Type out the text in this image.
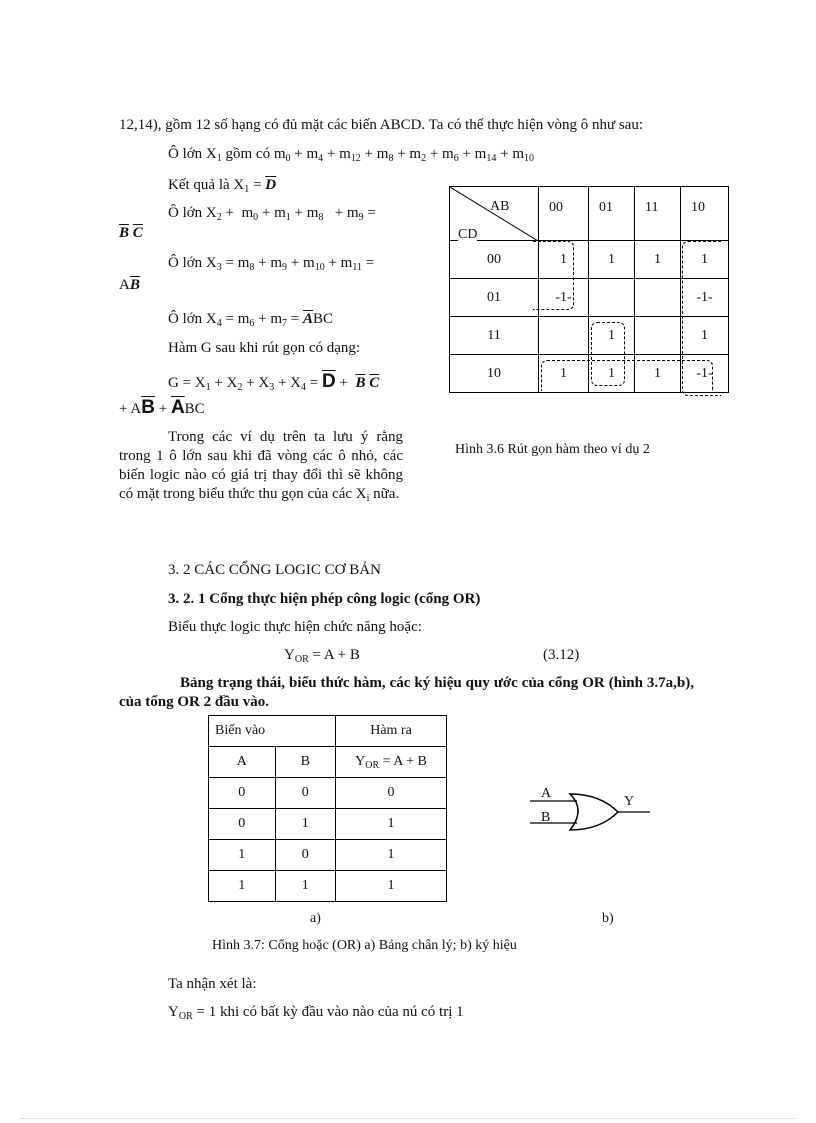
12,14), gồm 12 số hạng có đủ mặt các biến ABCD. Ta có thể thực hiện vòng ô như sau:
Ô lớn $X_1$ gồm có $m_0 + m_4 + m_{12} + m_8 + m_2 + m_6 + m_{14} + m_{10}$
Kết quả là $X_1 = \overline{D}$
Ô lớn $X_2 + m_0 + m_1 + m_8 + m_9$ =
$\overline{B}$ $\overline{C}$
Ô lớn $X_3 = m_8 + m_9 + m_{10} + m_{11}$ =
$A\overline{B}$
Ô lớn $X_4 = m_6 + m_7 = \overline{A}BC$
Hàm G sau khi rút gọn có dạng:
$G = X_1 + X_2 + X_3 + X_4 = \overline{D} + \overline{B}$ $\overline{C}$
+ $A\overline{B} + \overline{A}BC$
Trong các ví dụ trên ta lưu ý rằng trong 1 ô lớn sau khi đã vòng các ô nhỏ, các biến logic nào có giá trị thay đổi thì sẽ không có mặt trong biểu thức thu gọn của các $X_i$ nữa.
AB
CD	00	01	11	10
00	1	1	1	1
01	-1-			-1-
11		1		1
10	1	1	1	-1-
Hình 3.6 Rút gọn hàm theo ví dụ 2
3. 2 CÁC CỔNG LOGIC CƠ BẢN
3. 2. 1 Cổng thực hiện phép công logic (cổng OR)
Biểu thực logic thực hiện chức năng hoặc:
$Y_{OR} = A + B$	(3.12)
Bảng trạng thái, biểu thức hàm, các ký hiệu quy ước của cổng OR (hình 3.7a,b), của tổng OR 2 đầu vào.
Biến vào		Hàm ra
A	B	$Y_{OR} = A + B$
0	0	0
0	1	1
1	0	1
1	1	1
A
B
Y
a)	b)
Hình 3.7: Cổng hoặc (OR) a) Bảng chân lý; b) ký hiệu
Ta nhận xét là:
$Y_{OR} = 1$ khi có bất kỳ đầu vào nào của nú có trị 1
